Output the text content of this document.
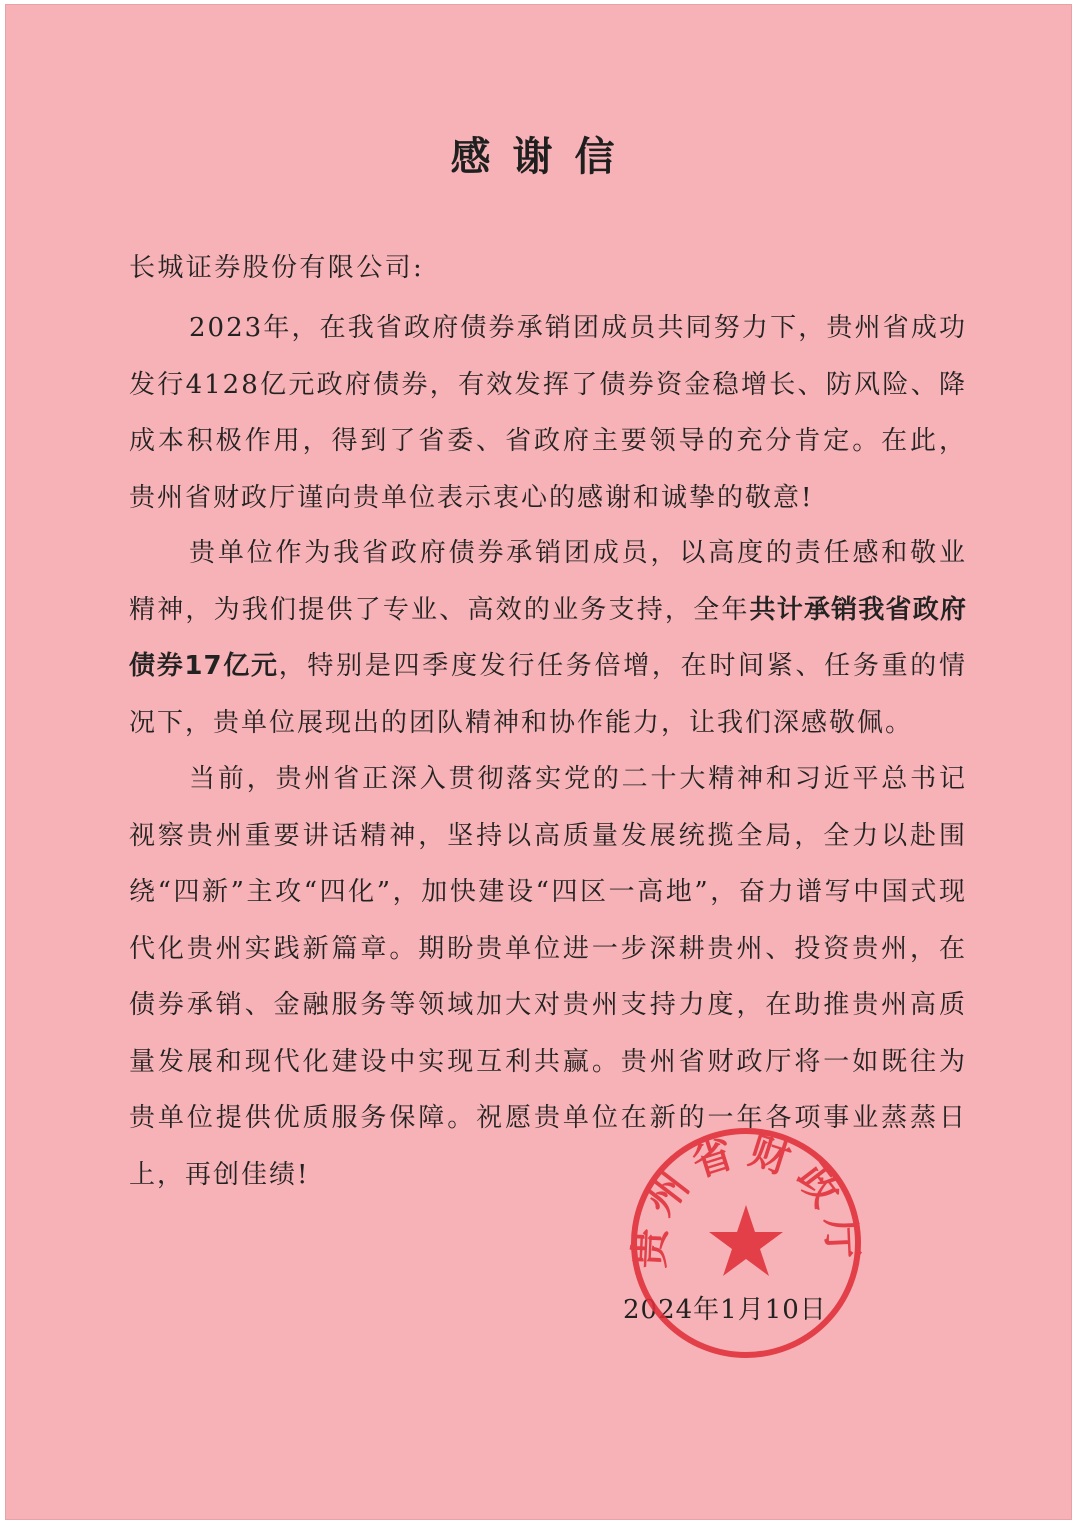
感谢信
长城证券股份有限公司:
2023年，在我省政府债券承销团成员共同努力下，贵州省成功发行4128亿元政府债券，有效发挥了债券资金稳增长、防风险、降成本积极作用，得到了省委、省政府主要领导的充分肯定。在此，贵州省财政厅谨向贵单位表示衷心的感谢和诚挚的敬意!
贵单位作为我省政府债券承销团成员，以高度的责任感和敬业精神，为我们提供了专业、高效的业务支持，全年共计承销我省政府债券17亿元，特别是四季度发行任务倍增，在时间紧、任务重的情况下，贵单位展现出的团队精神和协作能力，让我们深感敬佩。
当前，贵州省正深入贯彻落实党的二十大精神和习近平总书记视察贵州重要讲话精神，坚持以高质量发展统揽全局，全力以赴围绕“四新”主攻“四化”，加快建设“四区一高地”，奋力谱写中国式现代化贵州实践新篇章。期盼贵单位进一步深耕贵州、投资贵州，在债券承销、金融服务等领域加大对贵州支持力度，在助推贵州高质量发展和现代化建设中实现互利共赢。贵州省财政厅将一如既往为贵单位提供优质服务保障。祝愿贵单位在新的一年各项事业蒸蒸日上，再创佳绩!
2024年1月10日
贵州省财政厅
